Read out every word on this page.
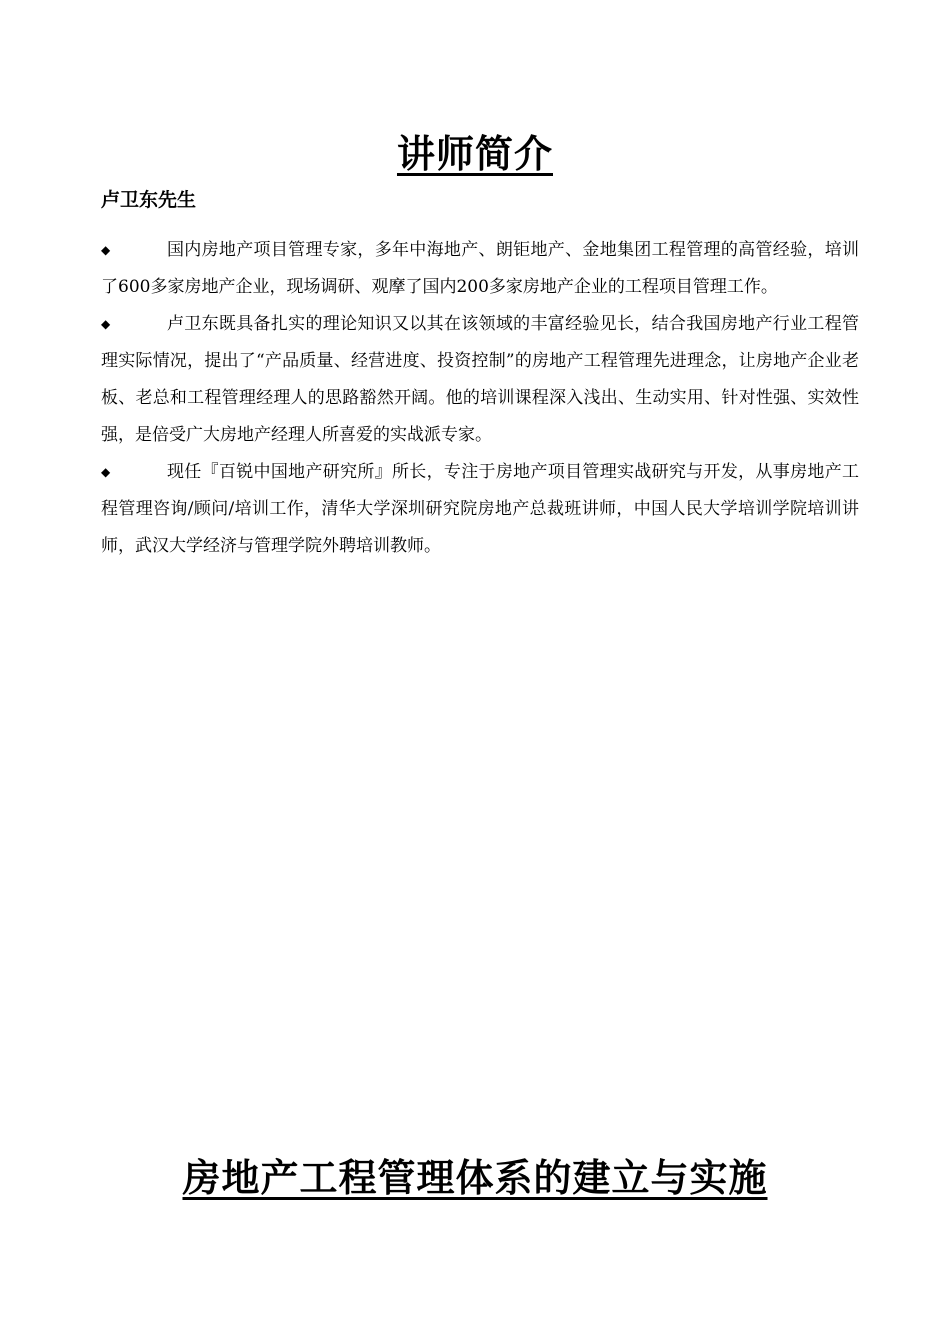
讲师简介
卢卫东先生

◆	国内房地产项目管理专家，多年中海地产、朗钜地产、金地集团工程管理的高管经验，培训了600多家房地产企业，现场调研、观摩了国内200多家房地产企业的工程项目管理工作。

◆	卢卫东既具备扎实的理论知识又以其在该领域的丰富经验见长，结合我国房地产行业工程管理实际情况，提出了“产品质量、经营进度、投资控制”的房地产工程管理先进理念，让房地产企业老板、老总和工程管理经理人的思路豁然开阔。他的培训课程深入浅出、生动实用、针对性强、实效性强，是倍受广大房地产经理人所喜爱的实战派专家。

◆	现任『百锐中国地产研究所』所长，专注于房地产项目管理实战研究与开发，从事房地产工程管理咨询/顾问/培训工作，清华大学深圳研究院房地产总裁班讲师，中国人民大学培训学院培训讲师，武汉大学经济与管理学院外聘培训教师。

房地产工程管理体系的建立与实施
